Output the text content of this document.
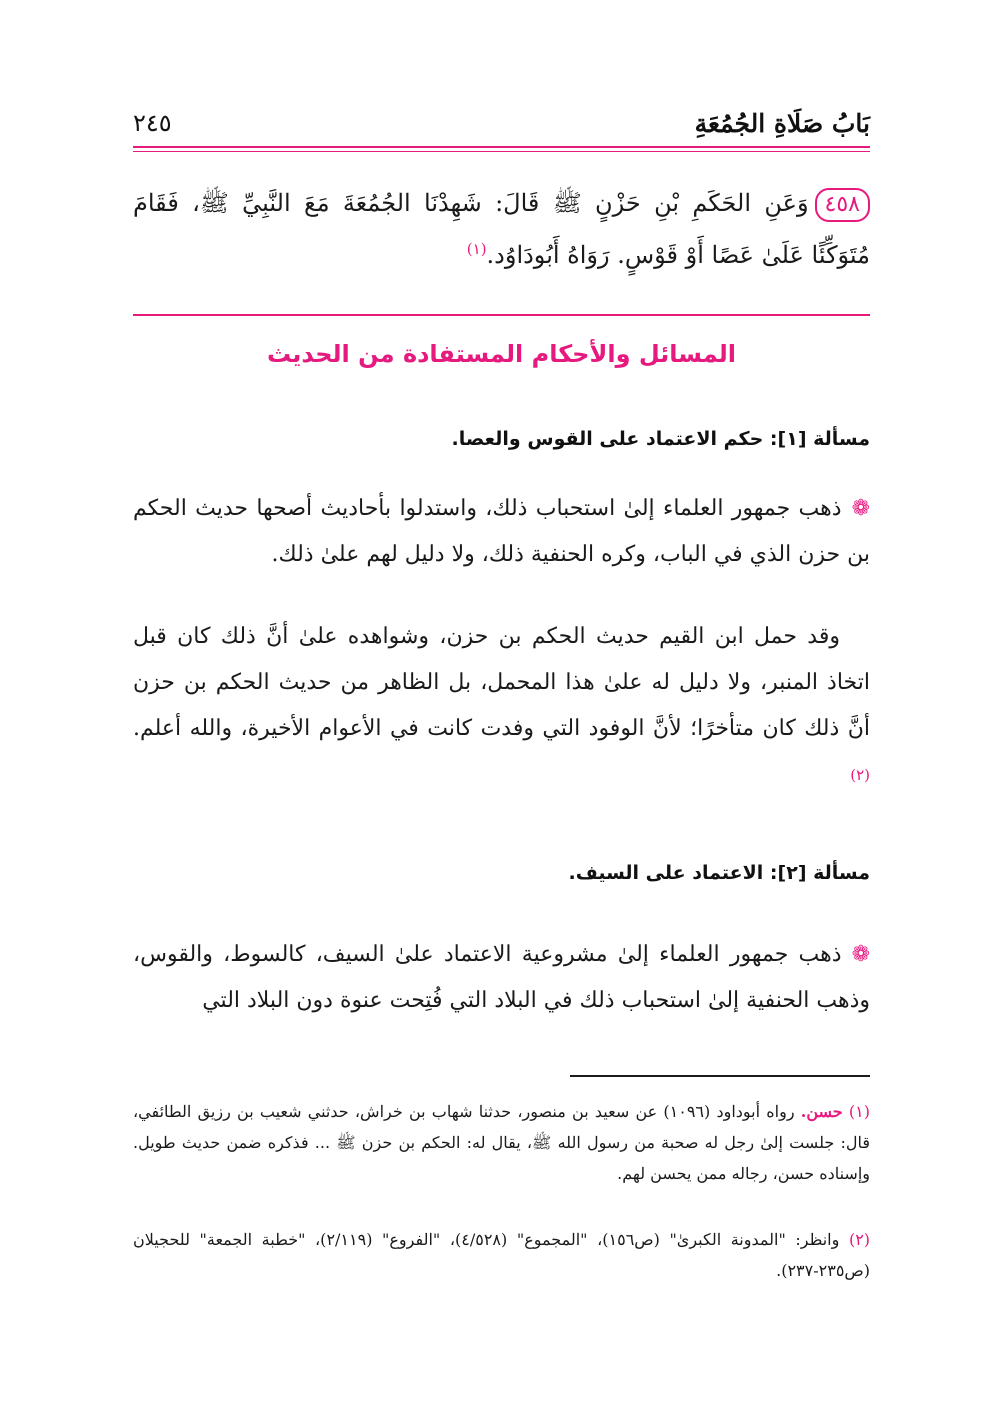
بَابُ صَلَاةِ الجُمُعَةِ
٢٤٥
٤٥٨وَعَنِ الحَكَمِ بْنِ حَزْنٍ ﷺ قَالَ: شَهِدْنَا الجُمُعَةَ مَعَ النَّبِيِّ ﷺ، فَقَامَ مُتَوَكِّئًا عَلَىٰ عَصًا أَوْ قَوْسٍ. رَوَاهُ أَبُودَاوُد.$^{(١)}$
المسائل والأحكام المستفادة من الحديث
مسألة [١]: حكم الاعتماد على القوس والعصا.
❁ذهب جمهور العلماء إلىٰ استحباب ذلك، واستدلوا بأحاديث أصحها حديث الحكم بن حزن الذي في الباب، وكره الحنفية ذلك، ولا دليل لهم علىٰ ذلك.
وقد حمل ابن القيم حديث الحكم بن حزن، وشواهده علىٰ أنَّ ذلك كان قبل اتخاذ المنبر، ولا دليل له علىٰ هذا المحمل، بل الظاهر من حديث الحكم بن حزن أنَّ ذلك كان متأخرًا؛ لأنَّ الوفود التي وفدت كانت في الأعوام الأخيرة، والله أعلم.$^{(٢)}$
مسألة [٢]: الاعتماد على السيف.
❁ذهب جمهور العلماء إلىٰ مشروعية الاعتماد علىٰ السيف، كالسوط، والقوس، وذهب الحنفية إلىٰ استحباب ذلك في البلاد التي فُتِحت عنوة دون البلاد التي
(١) حسن. رواه أبوداود (١٠٩٦) عن سعيد بن منصور، حدثنا شهاب بن خراش، حدثني شعيب بن رزيق الطائفي، قال: جلست إلىٰ رجل له صحبة من رسول الله ﷺ، يقال له: الحكم بن حزن ﷺ ... فذكره ضمن حديث طويل. وإسناده حسن، رجاله ممن يحسن لهم.
(٢) وانظر: "المدونة الكبرىٰ" (ص١٥٦)، "المجموع" (٤/٥٢٨)، "الفروع" (٢/١١٩)، "خطبة الجمعة" للحجيلان (ص٢٣٥-٢٣٧).
